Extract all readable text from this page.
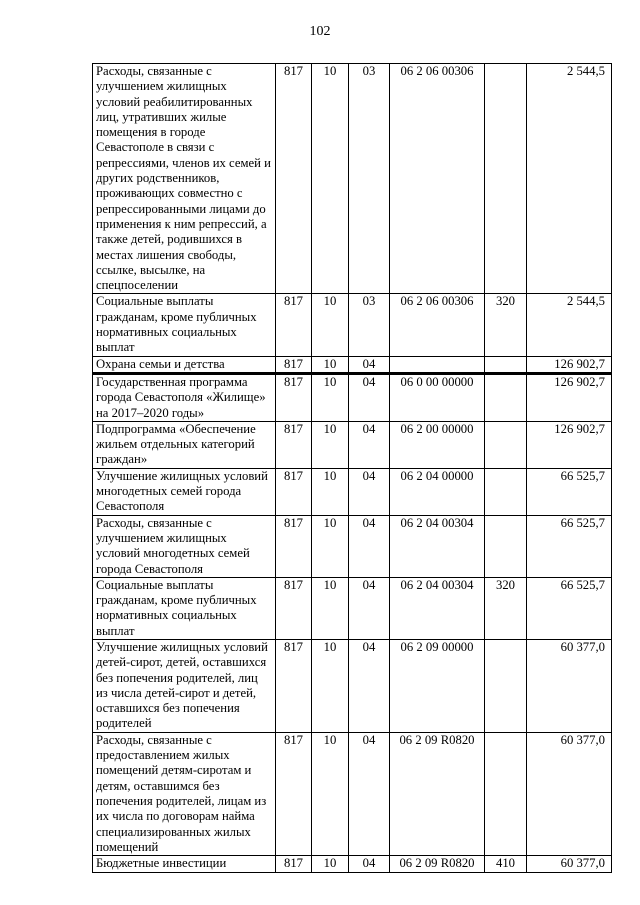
102
Расходы, связанные с улучшением жилищных условий реабилитированных лиц, утративших жилые помещения в городе Севастополе в связи с репрессиями, членов их семей и других родственников, проживающих совместно с репрессированными лицами до применения к ним репрессий, а также детей, родившихся в местах лишения свободы, ссылке, высылке, на спецпоселении	817	10	03	06 2 06 00306		2 544,5
Социальные выплаты гражданам, кроме публичных нормативных социальных выплат	817	10	03	06 2 06 00306	320	2 544,5
Охрана семьи и детства	817	10	04			126 902,7
Государственная программа города Севастополя «Жилище» на 2017–2020 годы»	817	10	04	06 0 00 00000		126 902,7
Подпрограмма «Обеспечение жильем отдельных категорий граждан»	817	10	04	06 2 00 00000		126 902,7
Улучшение жилищных условий многодетных семей города Севастополя	817	10	04	06 2 04 00000		66 525,7
Расходы, связанные с улучшением жилищных условий многодетных семей города Севастополя	817	10	04	06 2 04 00304		66 525,7
Социальные выплаты гражданам, кроме публичных нормативных социальных выплат	817	10	04	06 2 04 00304	320	66 525,7
Улучшение жилищных условий детей-сирот, детей, оставшихся без попечения родителей, лиц из числа детей-сирот и детей, оставшихся без попечения родителей	817	10	04	06 2 09 00000		60 377,0
Расходы, связанные с предоставлением жилых помещений детям-сиротам и детям, оставшимся без попечения родителей, лицам из их числа по договорам найма специализированных жилых помещений	817	10	04	06 2 09 R0820		60 377,0
Бюджетные инвестиции	817	10	04	06 2 09 R0820	410	60 377,0
